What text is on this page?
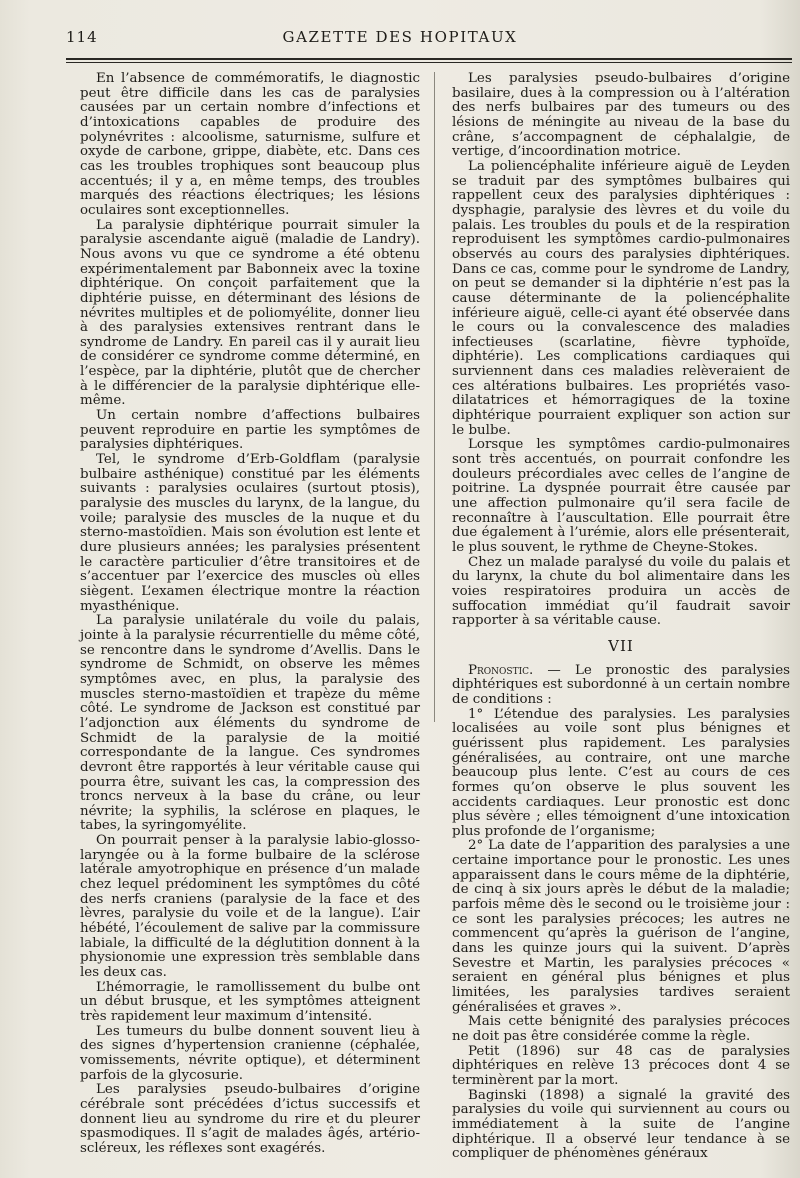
114	GAZETTE DES HOPITAUX

En l’absence de commémoratifs, le diagnostic peut être difficile dans les cas de paralysies causées par un certain nombre d’infections et d’intoxications capables de produire des polynévrites : alcoolisme, saturnisme, sulfure et oxyde de carbone, grippe, diabète, etc. Dans ces cas les troubles trophiques sont beaucoup plus accentués; il y a, en même temps, des troubles marqués des réactions électriques; les lésions oculaires sont exceptionnelles.

La paralysie diphtérique pourrait simuler la paralysie ascendante aiguë (maladie de Landry). Nous avons vu que ce syndrome a été obtenu expérimentalement par Babonneix avec la toxine diphtérique. On conçoit parfaitement que la diphtérie puisse, en déterminant des lésions de névrites multiples et de poliomyélite, donner lieu à des paralysies extensives rentrant dans le syndrome de Landry. En pareil cas il y aurait lieu de considérer ce syndrome comme déterminé, en l’espèce, par la diphtérie, plutôt que de chercher à le différencier de la paralysie diphtérique elle-même.

Un certain nombre d’affections bulbaires peuvent reproduire en partie les symptômes de paralysies diphtériques.

Tel, le syndrome d’Erb-Goldflam (paralysie bulbaire asthénique) constitué par les éléments suivants : paralysies oculaires (surtout ptosis), paralysie des muscles du larynx, de la langue, du voile; paralysie des muscles de la nuque et du sterno-mastoïdien. Mais son évolution est lente et dure plusieurs années; les paralysies présentent le caractère particulier d’être transitoires et de s’accentuer par l’exercice des muscles où elles siègent. L’examen électrique montre la réaction myasthénique.

La paralysie unilatérale du voile du palais, jointe à la paralysie récurrentielle du même côté, se rencontre dans le syndrome d’Avellis. Dans le syndrome de Schmidt, on observe les mêmes symptômes avec, en plus, la paralysie des muscles sterno-mastoïdien et trapèze du même côté. Le syndrome de Jackson est constitué par l’adjonction aux éléments du syndrome de Schmidt de la paralysie de la moitié correspondante de la langue. Ces syndromes devront être rapportés à leur véritable cause qui pourra être, suivant les cas, la compression des troncs nerveux à la base du crâne, ou leur névrite; la syphilis, la sclérose en plaques, le tabes, la syringomyélite.

On pourrait penser à la paralysie labio-glosso-laryngée ou à la forme bulbaire de la sclérose latérale amyotrophique en présence d’un malade chez lequel prédominent les symptômes du côté des nerfs craniens (paralysie de la face et des lèvres, paralysie du voile et de la langue). L’air hébété, l’écoulement de salive par la commissure labiale, la difficulté de la déglutition donnent à la physionomie une expression très semblable dans les deux cas.

L’hémorragie, le ramollissement du bulbe ont un début brusque, et les symptômes atteignent très rapidement leur maximum d’intensité.

Les tumeurs du bulbe donnent souvent lieu à des signes d’hypertension cranienne (céphalée, vomissements, névrite optique), et déterminent parfois de la glycosurie.

Les paralysies pseudo-bulbaires d’origine cérébrale sont précédées d’ictus successifs et donnent lieu au syndrome du rire et du pleurer spasmodiques. Il s’agit de malades âgés, artério-scléreux, les réflexes sont exagérés.

Les paralysies pseudo-bulbaires d’origine basilaire, dues à la compression ou à l’altération des nerfs bulbaires par des tumeurs ou des lésions de méningite au niveau de la base du crâne, s’accompagnent de céphalalgie, de vertige, d’incoordination motrice.

La poliencéphalite inférieure aiguë de Leyden se traduit par des symptômes bulbaires qui rappellent ceux des paralysies diphtériques : dysphagie, paralysie des lèvres et du voile du palais. Les troubles du pouls et de la respiration reproduisent les symptômes cardio-pulmonaires observés au cours des paralysies diphtériques. Dans ce cas, comme pour le syndrome de Landry, on peut se demander si la diphtérie n’est pas la cause déterminante de la poliencéphalite inférieure aiguë, celle-ci ayant été observée dans le cours ou la convalescence des maladies infectieuses (scarlatine, fièvre typhoïde, diphtérie). Les complications cardiaques qui surviennent dans ces maladies relèveraient de ces altérations bulbaires. Les propriétés vaso-dilatatrices et hémorragiques de la toxine diphtérique pourraient expliquer son action sur le bulbe.

Lorsque les symptômes cardio-pulmonaires sont très accentués, on pourrait confondre les douleurs précordiales avec celles de l’angine de poitrine. La dyspnée pourrait être causée par une affection pulmonaire qu’il sera facile de reconnaître à l’auscultation. Elle pourrait être due également à l’urémie, alors elle présenterait, le plus souvent, le rythme de Cheyne-Stokes.

Chez un malade paralysé du voile du palais et du larynx, la chute du bol alimentaire dans les voies respiratoires produira un accès de suffocation immédiat qu’il faudrait savoir rapporter à sa véritable cause.

VII

Pronostic. — Le pronostic des paralysies diphtériques est subordonné à un certain nombre de conditions :

1° L’étendue des paralysies. Les paralysies localisées au voile sont plus bénignes et guérissent plus rapidement. Les paralysies généralisées, au contraire, ont une marche beaucoup plus lente. C’est au cours de ces formes qu’on observe le plus souvent les accidents cardiaques. Leur pronostic est donc plus sévère ; elles témoignent d’une intoxication plus profonde de l’organisme;

2° La date de l’apparition des paralysies a une certaine importance pour le pronostic. Les unes apparaissent dans le cours même de la diphtérie, de cinq à six jours après le début de la maladie; parfois même dès le second ou le troisième jour : ce sont les paralysies précoces; les autres ne commencent qu’après la guérison de l’angine, dans les quinze jours qui la suivent. D’après Sevestre et Martin, les paralysies précoces « seraient en général plus bénignes et plus limitées, les paralysies tardives seraient généralisées et graves ».

Mais cette bénignité des paralysies précoces ne doit pas être considérée comme la règle.

Petit (1896) sur 48 cas de paralysies diphtériques en relève 13 précoces dont 4 se terminèrent par la mort.

Baginski (1898) a signalé la gravité des paralysies du voile qui surviennent au cours ou immédiatement à la suite de l’angine diphtérique. Il a observé leur tendance à se compliquer de phénomènes généraux
